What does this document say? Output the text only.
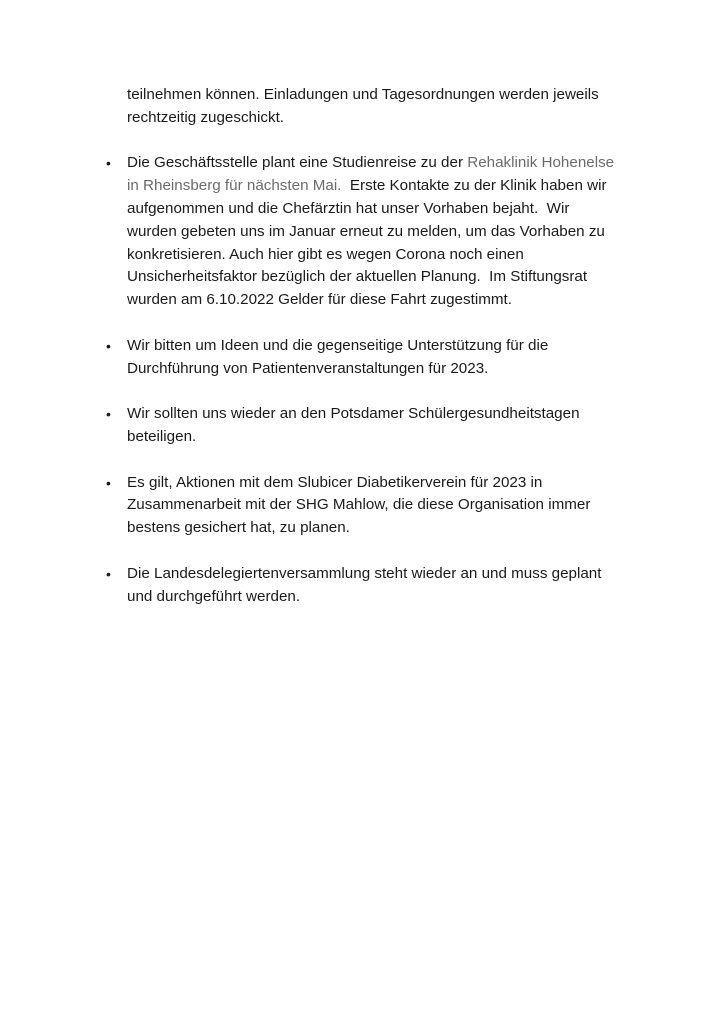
teilnehmen können. Einladungen und Tagesordnungen werden jeweils
rechtzeitig zugeschickt.

• Die Geschäftsstelle plant eine Studienreise zu der Rehaklinik Hohenelse
in Rheinsberg für nächsten Mai.  Erste Kontakte zu der Klinik haben wir
aufgenommen und die Chefärztin hat unser Vorhaben bejaht.  Wir
wurden gebeten uns im Januar erneut zu melden, um das Vorhaben zu
konkretisieren. Auch hier gibt es wegen Corona noch einen
Unsicherheitsfaktor bezüglich der aktuellen Planung.  Im Stiftungsrat
wurden am 6.10.2022 Gelder für diese Fahrt zugestimmt.
• Wir bitten um Ideen und die gegenseitige Unterstützung für die
Durchführung von Patientenveranstaltungen für 2023.
• Wir sollten uns wieder an den Potsdamer Schülergesundheitstagen
beteiligen.
• Es gilt, Aktionen mit dem Slubicer Diabetikerverein für 2023 in
Zusammenarbeit mit der SHG Mahlow, die diese Organisation immer
bestens gesichert hat, zu planen.
• Die Landesdelegiertenversammlung steht wieder an und muss geplant
und durchgeführt werden.
